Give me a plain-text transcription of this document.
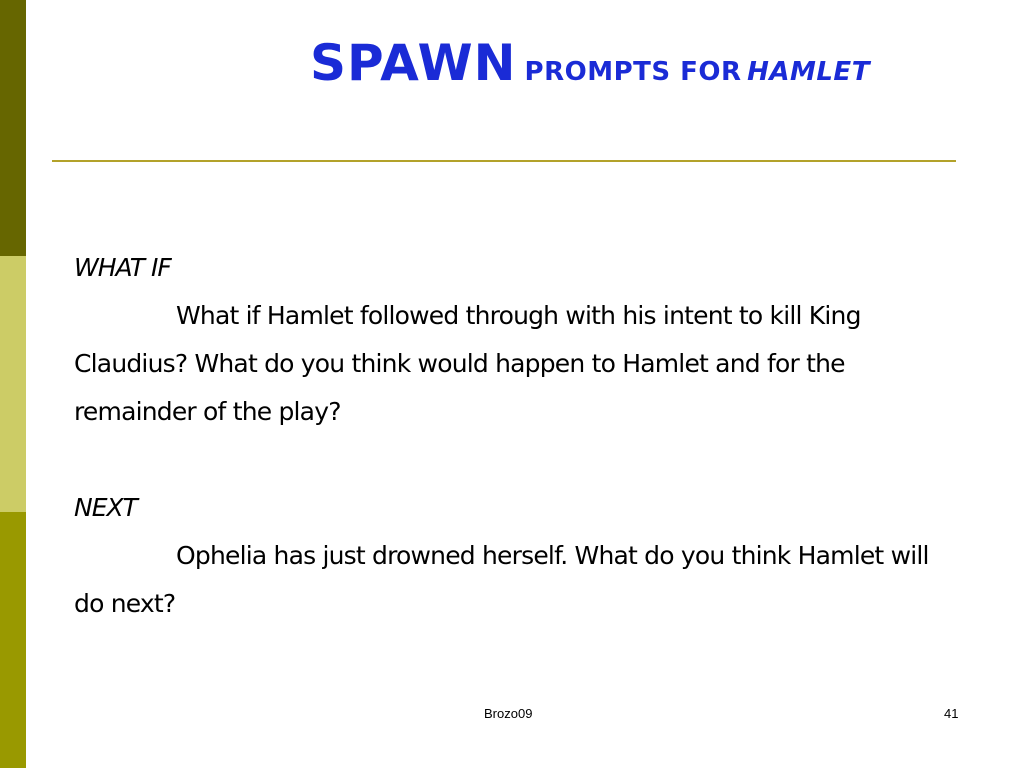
SPAWN PROMPTS FOR HAMLET
WHAT IF

What if Hamlet followed through with his intent to kill King Claudius? What do you think would happen to Hamlet and for the remainder of the play?

NEXT

Ophelia has just drowned herself. What do you think Hamlet will do next?

Brozo09	41
